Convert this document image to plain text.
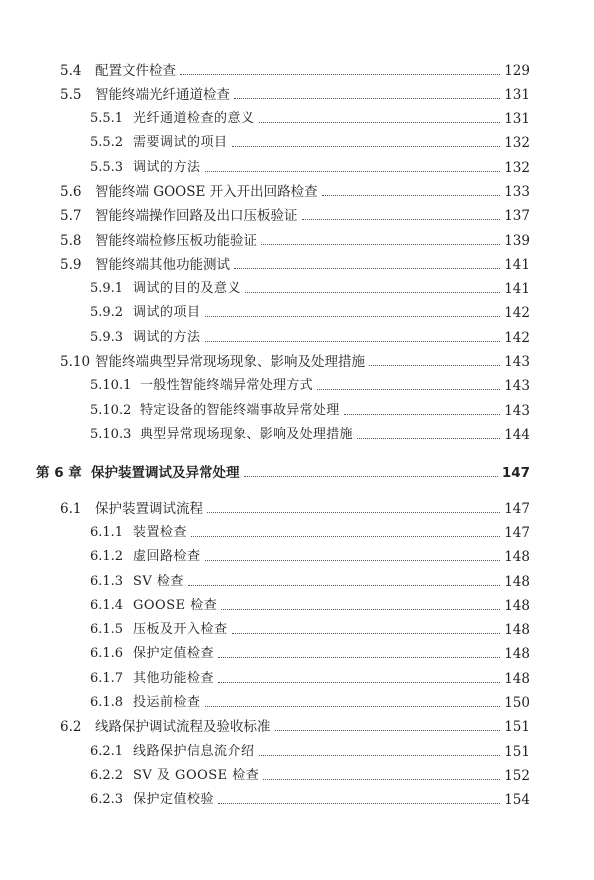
5.4	配置文件检查	129
5.5	智能终端光纤通道检查	131
5.5.1 光纤通道检查的意义	131
5.5.2 需要调试的项目	132
5.5.3 调试的方法	132
5.6	智能终端 GOOSE 开入开出回路检查	133
5.7	智能终端操作回路及出口压板验证	137
5.8	智能终端检修压板功能验证	139
5.9	智能终端其他功能测试	141
5.9.1 调试的目的及意义	141
5.9.2 调试的项目	142
5.9.3 调试的方法	142
5.10 智能终端典型异常现场现象、影响及处理措施	143
5.10.1 一般性智能终端异常处理方式	143
5.10.2 特定设备的智能终端事故异常处理	143
5.10.3 典型异常现场现象、影响及处理措施	144
第 6 章 保护装置调试及异常处理	147
6.1	保护装置调试流程	147
6.1.1 装置检查	147
6.1.2 虚回路检查	148
6.1.3 SV 检查	148
6.1.4 GOOSE 检查	148
6.1.5 压板及开入检查	148
6.1.6 保护定值检查	148
6.1.7 其他功能检查	148
6.1.8 投运前检查	150
6.2	线路保护调试流程及验收标准	151
6.2.1 线路保护信息流介绍	151
6.2.2 SV 及 GOOSE 检查	152
6.2.3 保护定值校验	154
